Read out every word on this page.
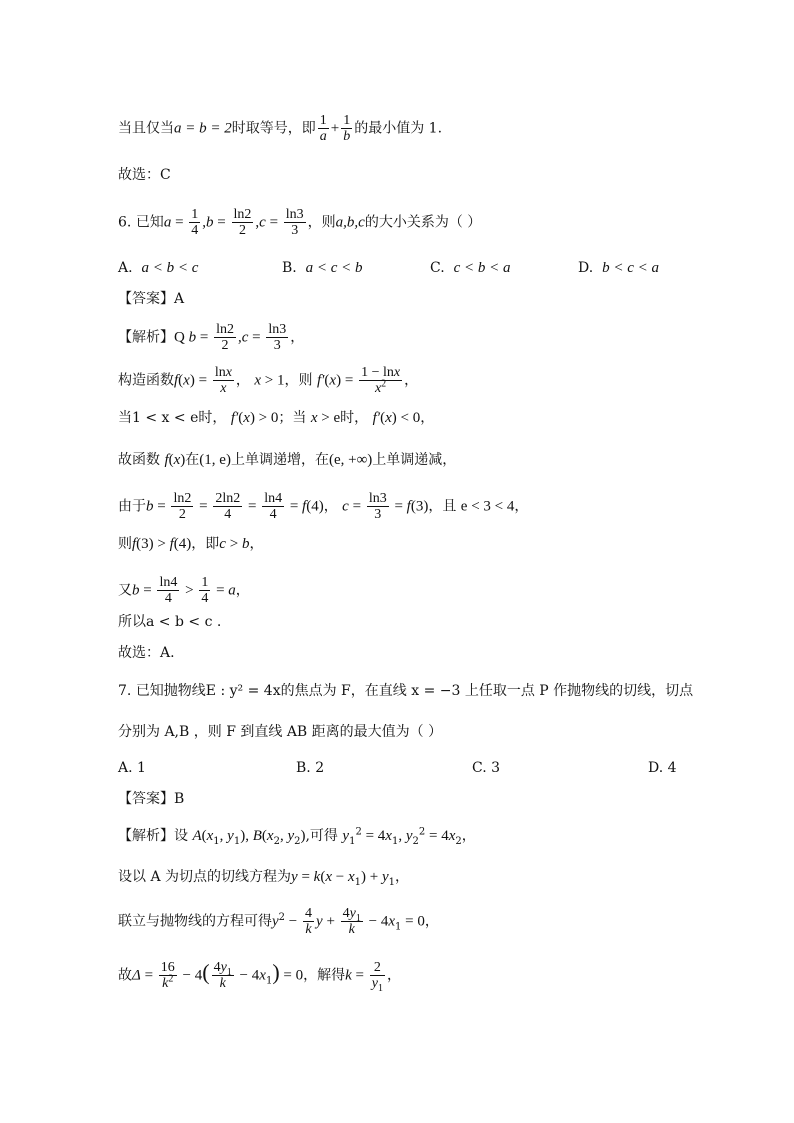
当且仅当a = b = 2时取等号，即 $\frac{1}{a} + \frac{1}{b}$ 的最小值为 1.
故选：C
6. 已知$a = \frac{1}{4} ,b = \frac{\ln 2}{2} ,c = \frac{\ln 3}{3}$ ，则a,b,c的大小关系为（ ）
A. a < b < c	B. a < c < b	C. c < b < a	D. b < c < a
【答案】A
【解析】Q $b = \frac{\ln 2}{2} ,c = \frac{\ln 3}{3}$ ，
构造函数$f(x) = \frac{\ln x}{x}$ ， x > 1，则 $f'(x) = \frac{1 - \ln x}{x^2}$ ，
当1 < x < e时， f′(x) > 0；当 x > e时， f′(x) < 0，
故函数 f(x)在(1, e)上单调递增，在(e, +∞)上单调递减，
由于$b = \frac{\ln 2}{2} = \frac{2\ln 2}{4} = \frac{\ln 4}{4} = f(4)$， $c = \frac{\ln 3}{3} = f(3)$，且 e < 3 < 4，
则f(3) > f(4)，即c > b，
又$b = \frac{\ln 4}{4} > \frac{1}{4} = a$，
所以a < b < c .
故选：A.
7. 已知抛物线E : y² = 4x的焦点为 F，在直线 x = −3 上任取一点 P 作抛物线的切线，切点
分别为 A,B ，则 F 到直线 AB 距离的最大值为（ ）
A. 1	B. 2	C. 3	D. 4
【答案】B
【解析】设 $A(x_1$, $y_1$), $B(x_2$, $y_2$),可得 $y_1^2 = 4x_1$, $y_2^2 = 4x_2$，
设以 A 为切点的切线方程为$y = k(x - x_1) + y_1$，
联立与抛物线的方程可得$y^2 - \frac{4}{k}$ $y + \frac{4y_1}{k} - 4x_1 = 0$，
故$\Delta = \frac{16}{k^2} - 4( \frac{4y_1}{k} - 4x_1) = 0$，解得$k = \frac{2}{y_1}$ ，
